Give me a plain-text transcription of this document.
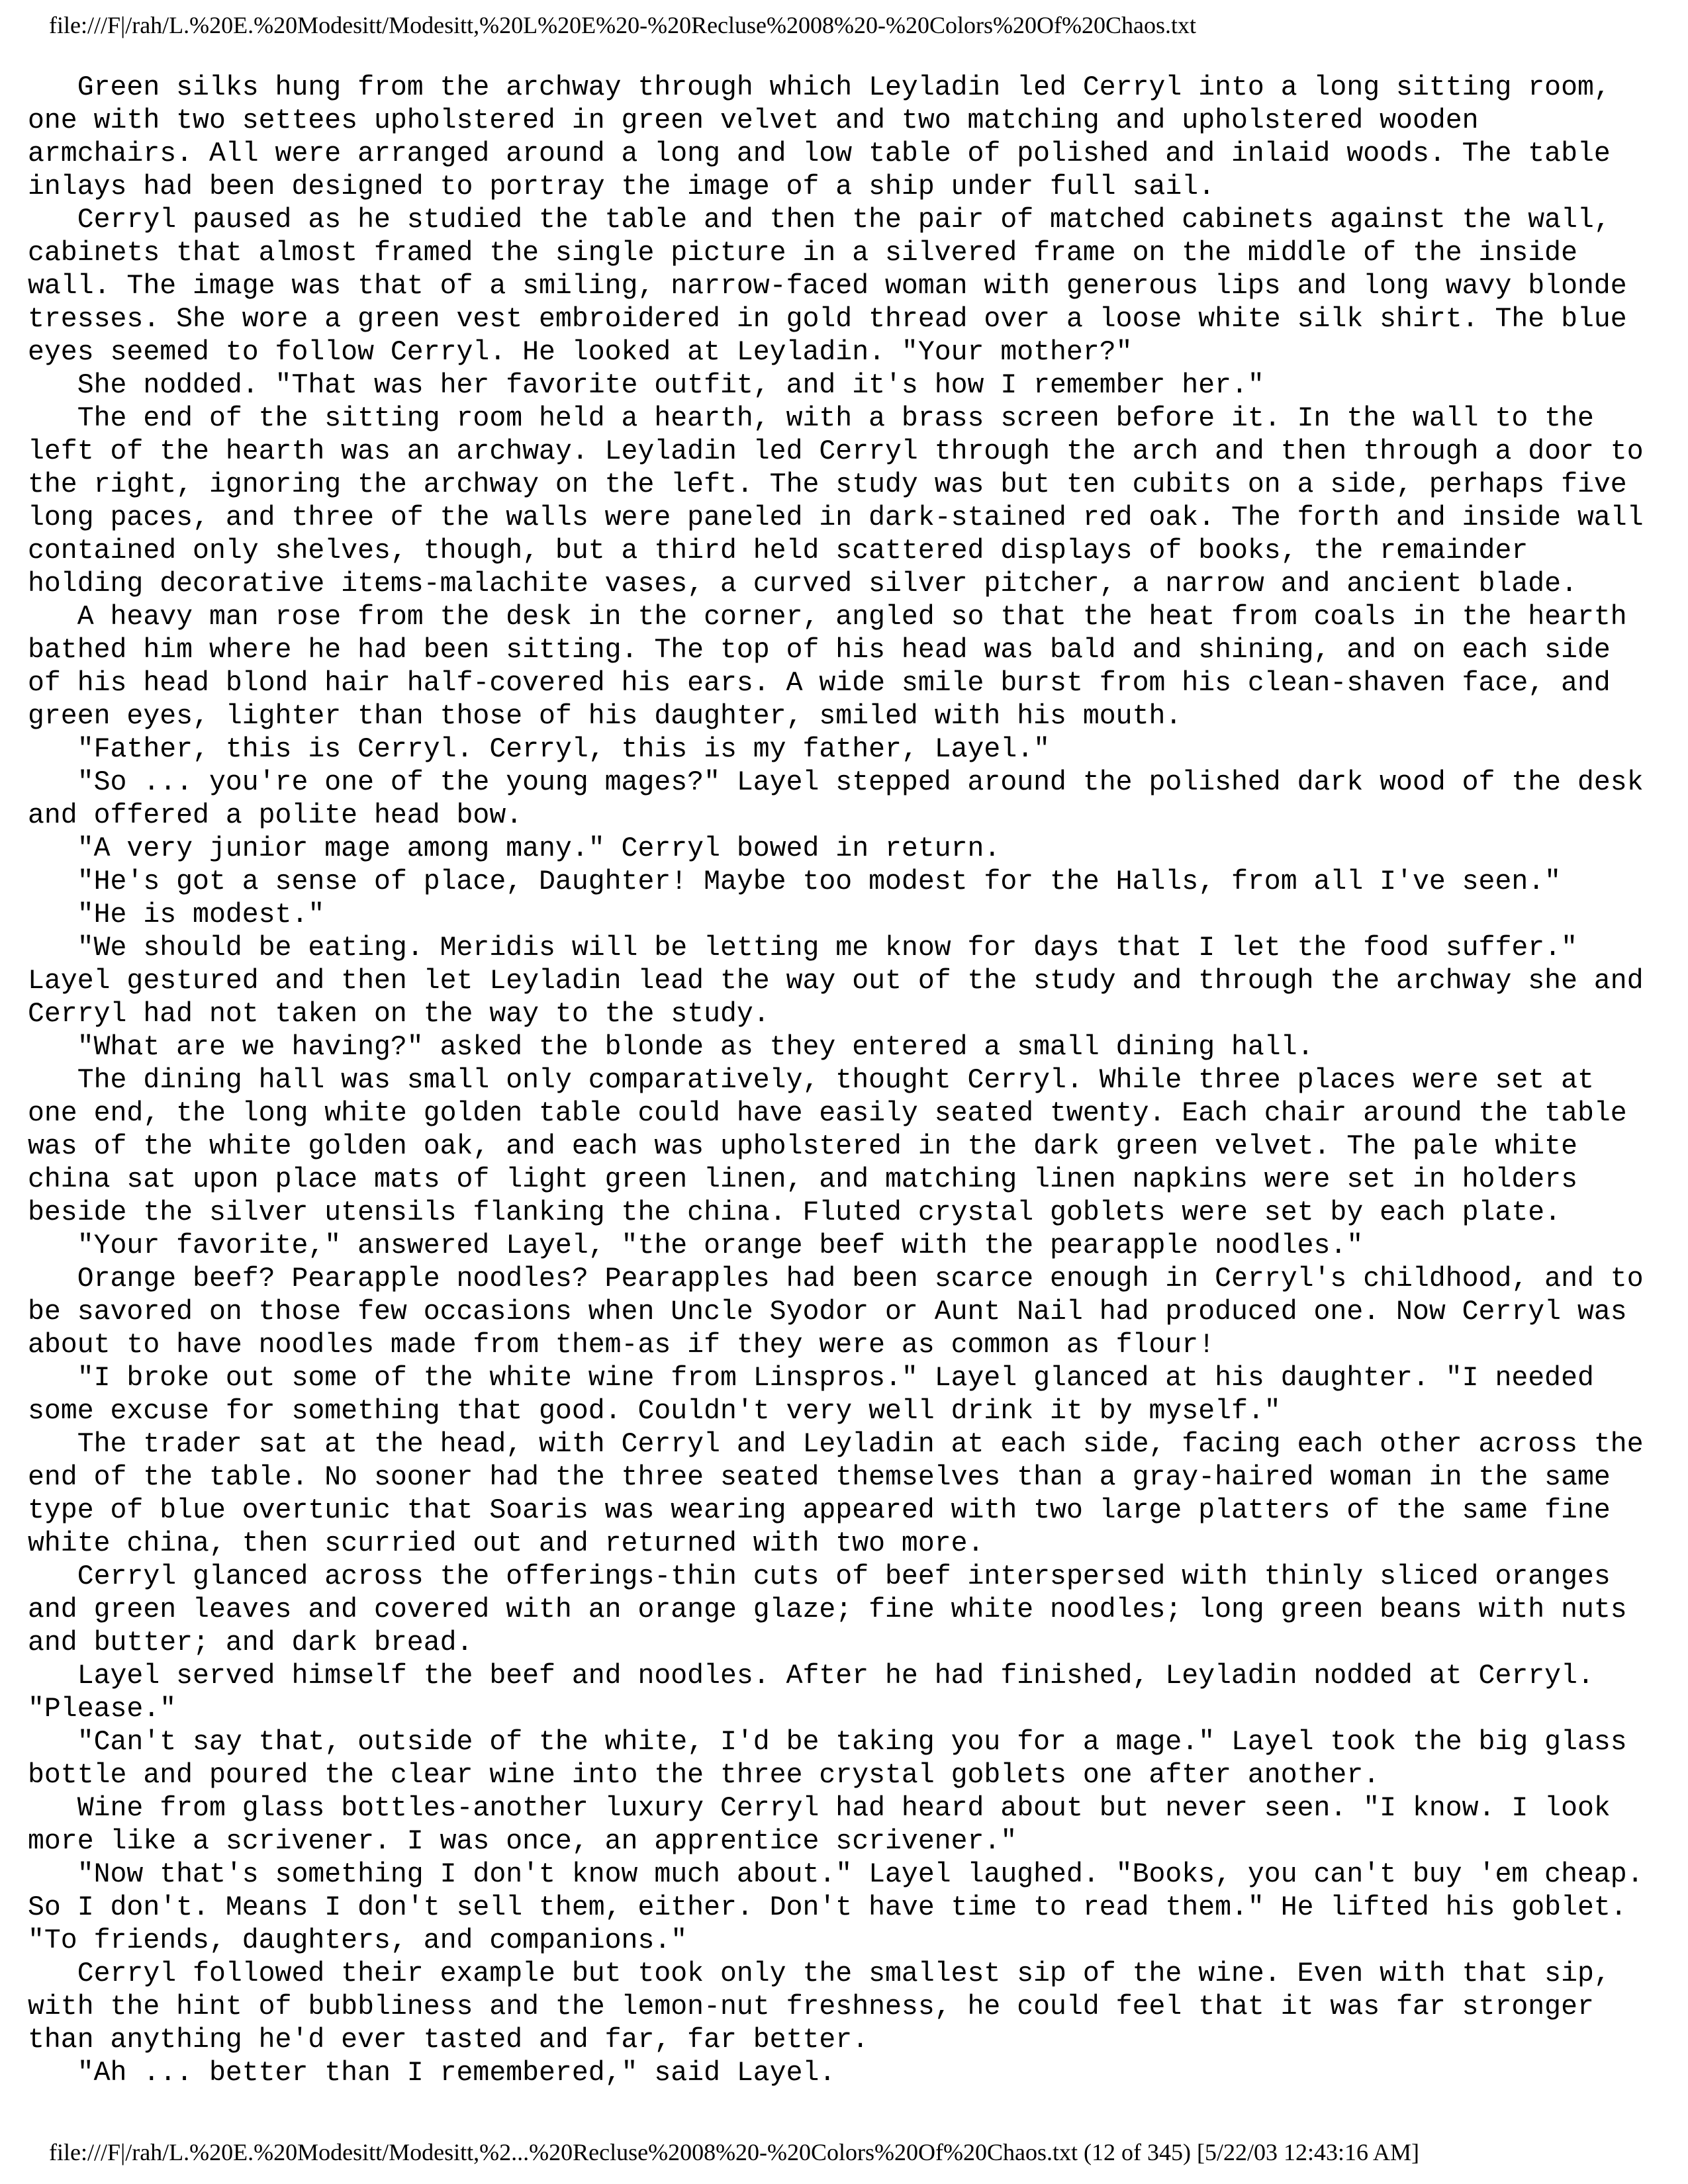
file:///F|/rah/L.%20E.%20Modesitt/Modesitt,%20L%20E%20-%20Recluse%2008%20-%20Colors%20Of%20Chaos.txt
Green silks hung from the archway through which Leyladin led Cerryl into a long sitting room,
one with two settees upholstered in green velvet and two matching and upholstered wooden
armchairs. All were arranged around a long and low table of polished and inlaid woods. The table
inlays had been designed to portray the image of a ship under full sail.
Cerryl paused as he studied the table and then the pair of matched cabinets against the wall,
cabinets that almost framed the single picture in a silvered frame on the middle of the inside
wall. The image was that of a smiling, narrow-faced woman with generous lips and long wavy blonde
tresses. She wore a green vest embroidered in gold thread over a loose white silk shirt. The blue
eyes seemed to follow Cerryl. He looked at Leyladin. "Your mother?"
She nodded. "That was her favorite outfit, and it's how I remember her."
The end of the sitting room held a hearth, with a brass screen before it. In the wall to the
left of the hearth was an archway. Leyladin led Cerryl through the arch and then through a door to
the right, ignoring the archway on the left. The study was but ten cubits on a side, perhaps five
long paces, and three of the walls were paneled in dark-stained red oak. The forth and inside wall
contained only shelves, though, but a third held scattered displays of books, the remainder
holding decorative items-malachite vases, a curved silver pitcher, a narrow and ancient blade.
A heavy man rose from the desk in the corner, angled so that the heat from coals in the hearth
bathed him where he had been sitting. The top of his head was bald and shining, and on each side
of his head blond hair half-covered his ears. A wide smile burst from his clean-shaven face, and
green eyes, lighter than those of his daughter, smiled with his mouth.
"Father, this is Cerryl. Cerryl, this is my father, Layel."
"So ... you're one of the young mages?" Layel stepped around the polished dark wood of the desk
and offered a polite head bow.
"A very junior mage among many." Cerryl bowed in return.
"He's got a sense of place, Daughter! Maybe too modest for the Halls, from all I've seen."
"He is modest."
"We should be eating. Meridis will be letting me know for days that I let the food suffer."
Layel gestured and then let Leyladin lead the way out of the study and through the archway she and
Cerryl had not taken on the way to the study.
"What are we having?" asked the blonde as they entered a small dining hall.
The dining hall was small only comparatively, thought Cerryl. While three places were set at
one end, the long white golden table could have easily seated twenty. Each chair around the table
was of the white golden oak, and each was upholstered in the dark green velvet. The pale white
china sat upon place mats of light green linen, and matching linen napkins were set in holders
beside the silver utensils flanking the china. Fluted crystal goblets were set by each plate.
"Your favorite," answered Layel, "the orange beef with the pearapple noodles."
Orange beef? Pearapple noodles? Pearapples had been scarce enough in Cerryl's childhood, and to
be savored on those few occasions when Uncle Syodor or Aunt Nail had produced one. Now Cerryl was
about to have noodles made from them-as if they were as common as flour!
"I broke out some of the white wine from Linspros." Layel glanced at his daughter. "I needed
some excuse for something that good. Couldn't very well drink it by myself."
The trader sat at the head, with Cerryl and Leyladin at each side, facing each other across the
end of the table. No sooner had the three seated themselves than a gray-haired woman in the same
type of blue overtunic that Soaris was wearing appeared with two large platters of the same fine
white china, then scurried out and returned with two more.
Cerryl glanced across the offerings-thin cuts of beef interspersed with thinly sliced oranges
and green leaves and covered with an orange glaze; fine white noodles; long green beans with nuts
and butter; and dark bread.
Layel served himself the beef and noodles. After he had finished, Leyladin nodded at Cerryl.
"Please."
"Can't say that, outside of the white, I'd be taking you for a mage." Layel took the big glass
bottle and poured the clear wine into the three crystal goblets one after another.
Wine from glass bottles-another luxury Cerryl had heard about but never seen. "I know. I look
more like a scrivener. I was once, an apprentice scrivener."
"Now that's something I don't know much about." Layel laughed. "Books, you can't buy 'em cheap.
So I don't. Means I don't sell them, either. Don't have time to read them." He lifted his goblet.
"To friends, daughters, and companions."
Cerryl followed their example but took only the smallest sip of the wine. Even with that sip,
with the hint of bubbliness and the lemon-nut freshness, he could feel that it was far stronger
than anything he'd ever tasted and far, far better.
"Ah ... better than I remembered," said Layel.
file:///F|/rah/L.%20E.%20Modesitt/Modesitt,%2...%20Recluse%2008%20-%20Colors%20Of%20Chaos.txt (12 of 345) [5/22/03 12:43:16 AM]
